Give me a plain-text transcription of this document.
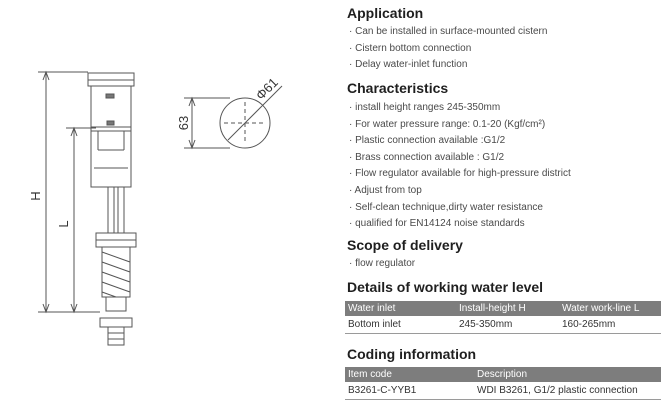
H
L
63
Φ61
Application
· Can be installed in surface-mounted cistern
· Cistern bottom connection
· Delay water-inlet function
Characteristics
· install height ranges 245-350mm
· For water pressure range: 0.1-20 (Kgf/cm²)
· Plastic connection available :G1/2
· Brass connection available : G1/2
· Flow regulator available for high-pressure district
· Adjust from top
· Self-clean technique,dirty water resistance
· qualified for EN14124 noise standards
Scope of delivery
· flow regulator
Details of working water level
Water inlet	Install-height H	Water work-line L
Bottom inlet	245-350mm	160-265mm
Coding information
Item code	Description
B3261-C-YYB1	WDI B3261, G1/2 plastic connection
